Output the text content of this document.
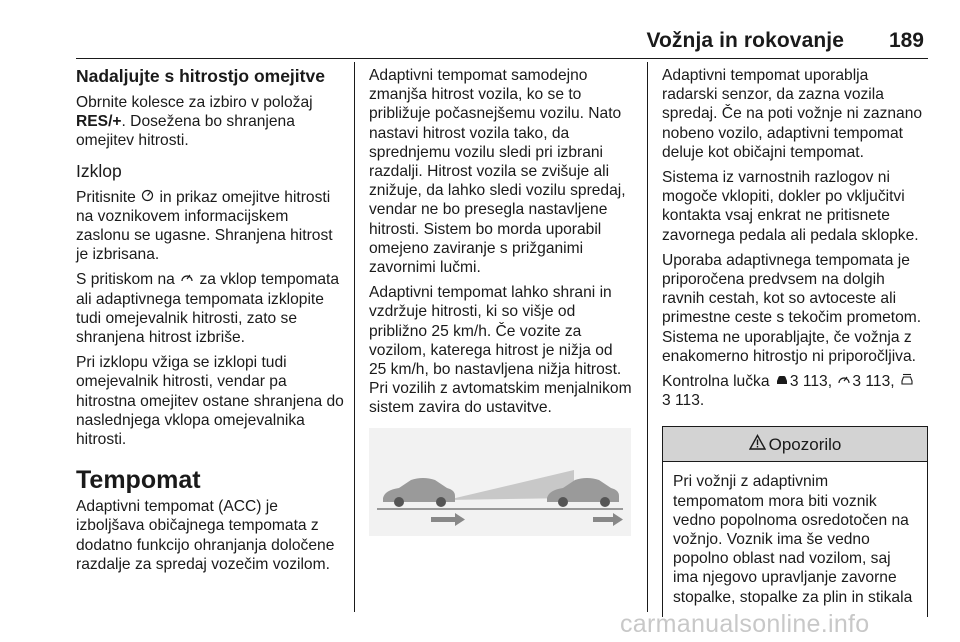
Vožnja in rokovanje 189
Nadaljujte s hitrostjo omejitve

Obrnite kolesce za izbiro v položaj RES/+. Dosežena bo shranjena omejitev hitrosti.

Izklop

Pritisnite  in prikaz omejitve hitrosti na voznikovem informacijskem zaslonu se ugasne. Shranjena hitrost je izbrisana.

S pritiskom na  za vklop tempomata ali adaptivnega tempomata izklopite tudi omejevalnik hitrosti, zato se shranjena hitrost izbriše.

Pri izklopu vžiga se izklopi tudi omejevalnik hitrosti, vendar pa hitrostna omejitev ostane shranjena do naslednjega vklopa omejevalnika hitrosti.

Tempomat

Adaptivni tempomat (ACC) je izboljšava običajnega tempomata z dodatno funkcijo ohranjanja določene razdalje za spredaj vozečim vozilom.

Adaptivni tempomat samodejno zmanjša hitrost vozila, ko se to približuje počasnejšemu vozilu. Nato nastavi hitrost vozila tako, da sprednjemu vozilu sledi pri izbrani razdalji. Hitrost vozila se zvišuje ali znižuje, da lahko sledi vozilu spredaj, vendar ne bo presegla nastavljene hitrosti. Sistem bo morda uporabil omejeno zaviranje s prižganimi zavornimi lučmi.

Adaptivni tempomat lahko shrani in vzdržuje hitrosti, ki so višje od približno 25 km/h. Če vozite za vozilom, katerega hitrost je nižja od 25 km/h, bo nastavljena nižja hitrost. Pri vozilih z avtomatskim menjalnikom sistem zavira do ustavitve.

Adaptivni tempomat uporablja radarski senzor, da zazna vozila spredaj. Če na poti vožnje ni zaznano nobeno vozilo, adaptivni tempomat deluje kot običajni tempomat.

Sistema iz varnostnih razlogov ni mogoče vklopiti, dokler po vključitvi kontakta vsaj enkrat ne pritisnete zavornega pedala ali pedala sklopke.

Uporaba adaptivnega tempomata je priporočena predvsem na dolgih ravnih cestah, kot so avtoceste ali primestne ceste s tekočim prometom. Sistema ne uporabljajte, če vožnja z enakomerno hitrostjo ni priporočljiva.

Kontrolna lučka 3 113, 3 113,
3 113.

Opozorilo
Pri vožnji z adaptivnim tempomatom mora biti voznik vedno popolnoma osredotočen na vožnjo. Voznik ima še vedno popolno oblast nad vozilom, saj ima njegovo upravljanje zavorne stopalke, stopalke za plin in stikala
carmanualsonline.info
